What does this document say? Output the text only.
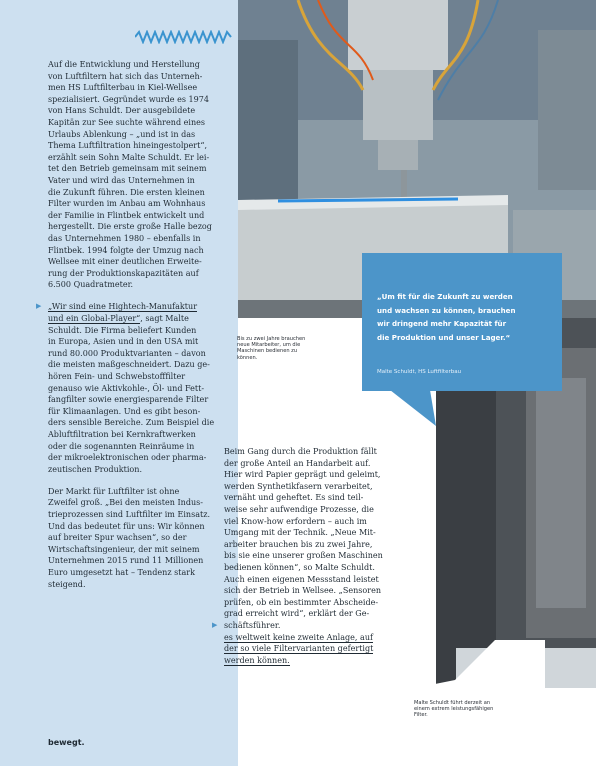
Auf die Entwicklung und Herstellung
von Luftfiltern hat sich das Unterneh-
men HS Luftfilterbau in Kiel-Wellsee
spezialisiert. Gegründet wurde es 1974
von Hans Schuldt. Der ausgebildete
Kapitän zur See suchte während eines
Urlaubs Ablenkung – „und ist in das
Thema Luftfiltration hineingestolpert“,
erzählt sein Sohn Malte Schuldt. Er lei-
tet den Betrieb gemeinsam mit seinem
Vater und wird das Unternehmen in
die Zukunft führen. Die ersten kleinen
Filter wurden im Anbau am Wohnhaus
der Familie in Flintbek entwickelt und
hergestellt. Die erste große Halle bezog
das Unternehmen 1980 – ebenfalls in
Flintbek. 1994 folgte der Umzug nach
Wellsee mit einer deutlichen Erweite-
rung der Produktionskapazitäten auf
6.500 Quadratmeter.

▶ „Wir sind eine Hightech-Manufaktur
und ein Global-Player“, sagt Malte
Schuldt. Die Firma beliefert Kunden
in Europa, Asien und in den USA mit
rund 80.000 Produktvarianten – davon
die meisten maßgeschneidert. Dazu ge-
hören Fein- und Schwebstofffilter
genauso wie Aktivkohle-, Öl- und Fett-
fangfilter sowie energiesparende Filter
für Klimaanlagen. Und es gibt beson-
ders sensible Bereiche. Zum Beispiel die
Abluftfiltration bei Kernkraftwerken
oder die sogenannten Reinräume in
der mikroelektronischen oder pharma-
zeutischen Produktion.

Der Markt für Luftfilter ist ohne
Zweifel groß. „Bei den meisten Indus-
trieprozessen sind Luftfilter im Einsatz.
Und das bedeutet für uns: Wir können
auf breiter Spur wachsen“, so der
Wirtschaftsingenieur, der mit seinem
Unternehmen 2015 rund 11 Millionen
Euro umgesetzt hat – Tendenz stark
steigend.

Bis zu zwei Jahre brauchen
neue Mitarbeiter, um die
Maschinen bedienen zu
können.
„Um fit für die Zukunft zu werden
und wachsen zu können, brauchen
wir dringend mehr Kapazität für
die Produktion und unser Lager.“
Malte Schuldt, HS Luftfilterbau

Beim Gang durch die Produktion fällt
der große Anteil an Handarbeit auf.
Hier wird Papier geprägt und geleimt,
werden Synthetikfasern verarbeitet,
vernäht und geheftet. Es sind teil-
weise sehr aufwendige Prozesse, die
viel Know-how erfordern – auch im
Umgang mit der Technik. „Neue Mit-
arbeiter brauchen bis zu zwei Jahre,
bis sie eine unserer großen Maschinen
bedienen können“, so Malte Schuldt.
Auch einen eigenen Messstand leistet
sich der Betrieb in Wellsee. „Sensoren
prüfen, ob ein bestimmter Abscheide-
grad erreicht wird“, erklärt der Ge-
schäftsführer.
es weltweit keine zweite Anlage, auf
der so viele Filtervarianten gefertigt
werden können.
▶

Malte Schuldt führt derzeit an
einem extrem leistungsfähigen
Filter.
bewegt.
